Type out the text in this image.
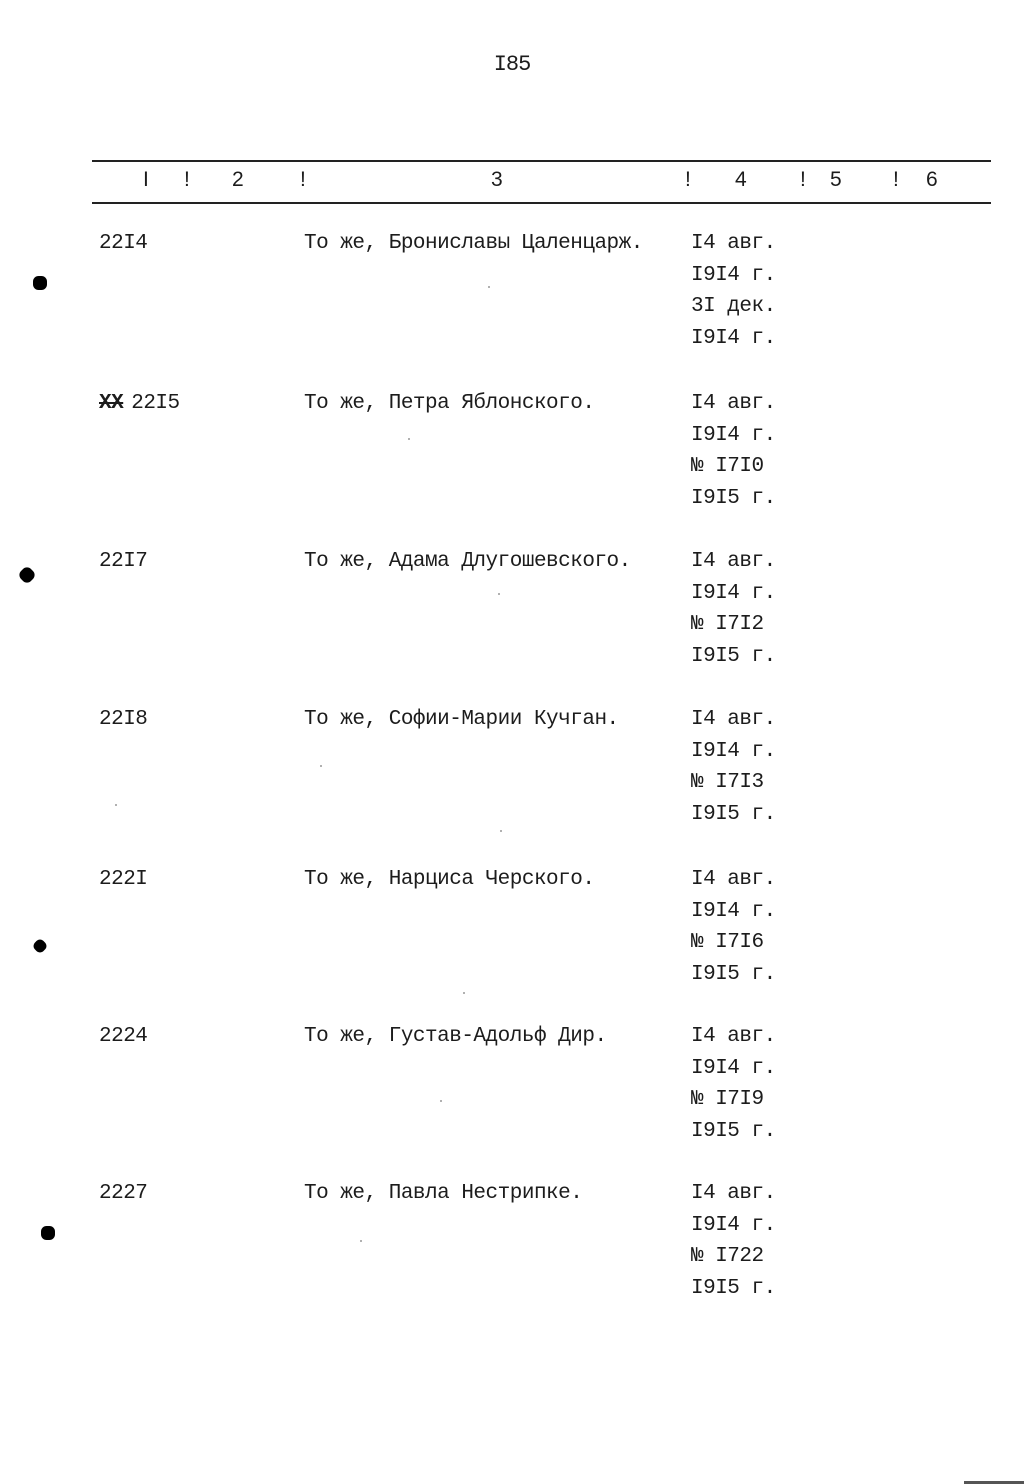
I85
I ! 2	!	3	! 4	! 5 ! 6
22I4	То же, Брониславы Цаленцарж. I4 авг.
I9I4 г.
3I дек.
I9I4 г.
XX 22I5	То же, Петра Яблонского.	I4 авг.
I9I4 г.
№ I7I0
I9I5 г.
22I7	То же, Адама Длугошевского.	I4 авг.
I9I4 г.
№ I7I2
I9I5 г.
22I8	То же, Софии-Марии Кучган.	I4 авг.
I9I4 г.
№ I7I3
I9I5 г.
222I	То же, Нарциса Черского.	I4 авг.
I9I4 г.
№ I7I6
I9I5 г.
2224	То же, Густав-Адольф Дир.	I4 авг.
I9I4 г.
№ I7I9
I9I5 г.
2227	То же, Павла Нестрипке.	I4 авг.
I9I4 г.
№ I722
I9I5 г.
